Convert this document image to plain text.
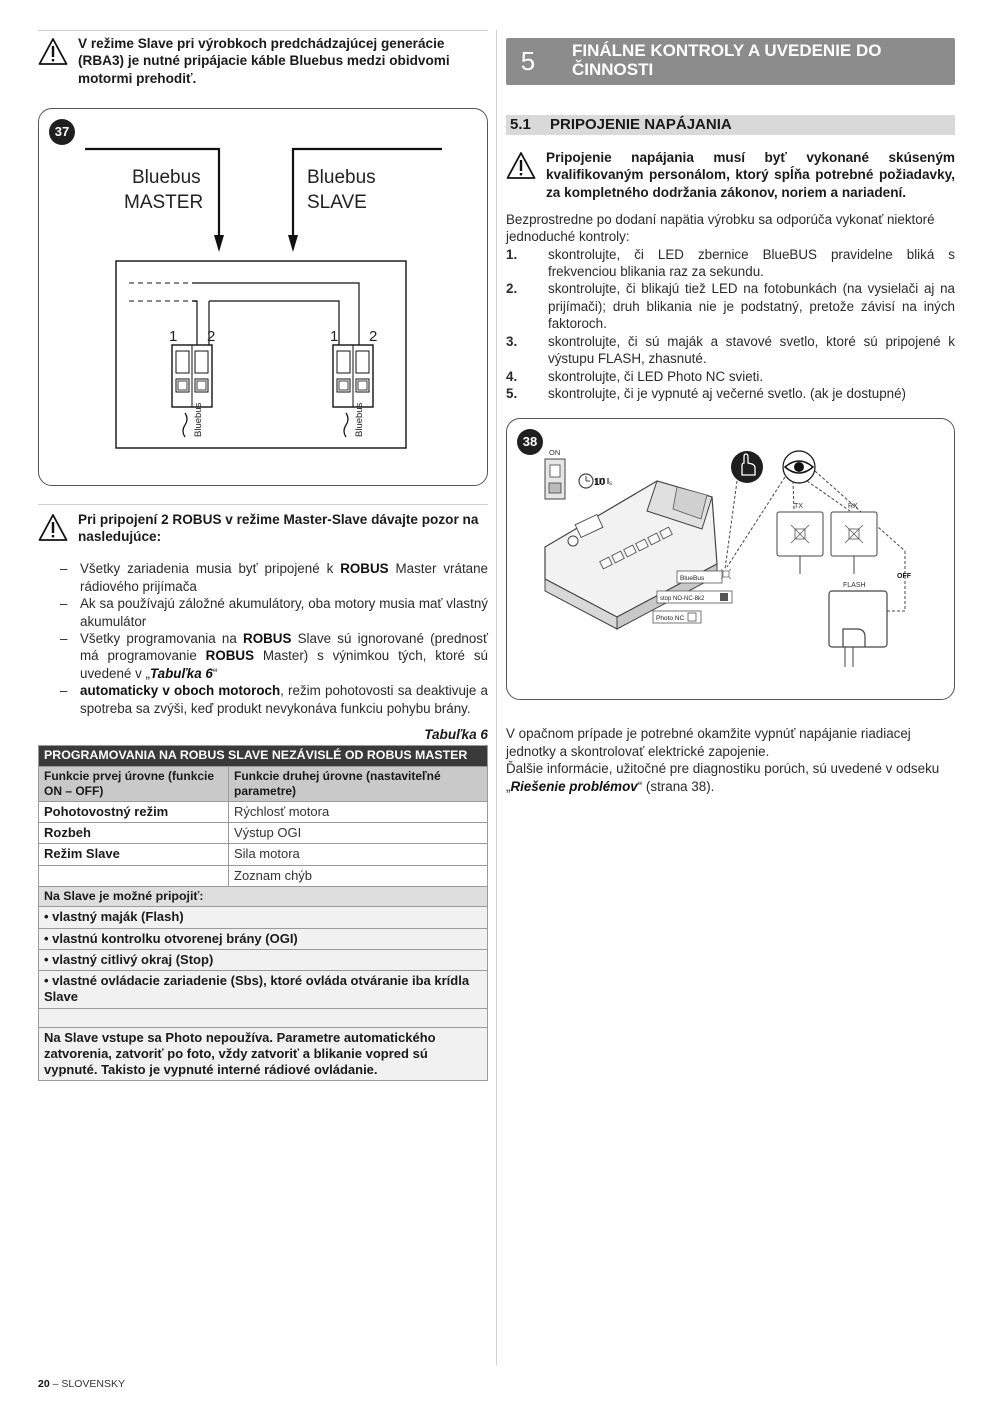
V režime Slave pri výrobkoch predchádzajúcej generácie (RBA3) je nutné pripájacie káble Bluebus medzi obidvomi motormi prehodiť.
37
Bluebus
MASTER
Bluebus
SLAVE
1 2	1 2
Bluebus	Bluebus
Pri pripojení 2 ROBUS v režime Master-Slave dávajte pozor na nasledujúce:
– Všetky zariadenia musia byť pripojené k ROBUS Master vrátane rádiového prijímača
– Ak sa používajú záložné akumulátory, oba motory musia mať vlastný akumulátor
– Všetky programovania na ROBUS Slave sú ignorované (prednosť má programovanie ROBUS Master) s výnimkou tých, ktoré sú uvedené v „Tabuľka 6“
– automaticky v oboch motoroch, režim pohotovosti sa deaktivuje a spotreba sa zvýši, keď produkt nevykonáva funkciu pohybu brány.
Tabuľka 6
PROGRAMOVANIA NA ROBUS SLAVE NEZÁVISLÉ OD ROBUS MASTER	
Funkcie prvej úrovne (funkcie ON – OFF)	Funkcie druhej úrovne (nastaviteľné parametre)
Pohotovostný režim	Rýchlosť motora
Rozbeh	Výstup OGI
Režim Slave	Sila motora
	Zoznam chýb
Na Slave je možné pripojiť:	
• vlastný maják (Flash)	
• vlastnú kontrolku otvorenej brány (OGI)	
• vlastný citlivý okraj (Stop)	
• vlastné ovládacie zariadenie (Sbs), ktoré ovláda otváranie iba krídla Slave	

Na Slave vstupe sa Photo nepoužíva. Parametre automatického zatvorenia, zatvoriť po foto, vždy zatvoriť a blikanie vopred sú vypnuté. Takisto je vypnuté interné rádiové ovládanie.	
5	FINÁLNE KONTROLY A UVEDENIE DO ČINNOSTI
5.1	PRIPOJENIE NAPÁJANIA
Pripojenie napájania musí byť vykonané skúseným kvalifikovaným personálom, ktorý spĺňa potrebné požiadavky, za kompletného dodržania zákonov, noriem a nariadení.

Bezprostredne po dodaní napätia výrobku sa odporúča vykonať niektoré jednoduché kontroly:

1.	skontrolujte, či LED zbernice BlueBUS pravidelne bliká s frekvenciou blikania raz za sekundu.
2.	skontrolujte, či blikajú tiež LED na fotobunkách (na vysielači aj na prijímači); druh blikania nie je podstatný, pretože závisí na iných faktoroch.
3.	skontrolujte, či sú maják a stavové svetlo, ktoré sú pripojené k výstupu FLASH, zhasnuté.
4.	skontrolujte, či LED Photo NC svieti.
5.	skontrolujte, či je vypnuté aj večerné svetlo. (ak je dostupné)
38
ON
10 s
BlueBus
stop NO-NC-8k2
Photo NC
TX	RX
OFF
FLASH

V opačnom prípade je potrebné okamžite vypnúť napájanie riadiacej jednotky a skontrolovať elektrické zapojenie.

Ďalšie informácie, užitočné pre diagnostiku porúch, sú uvedené v odseku „Riešenie problémov“ (strana 38).

20 – SLOVENSKY
